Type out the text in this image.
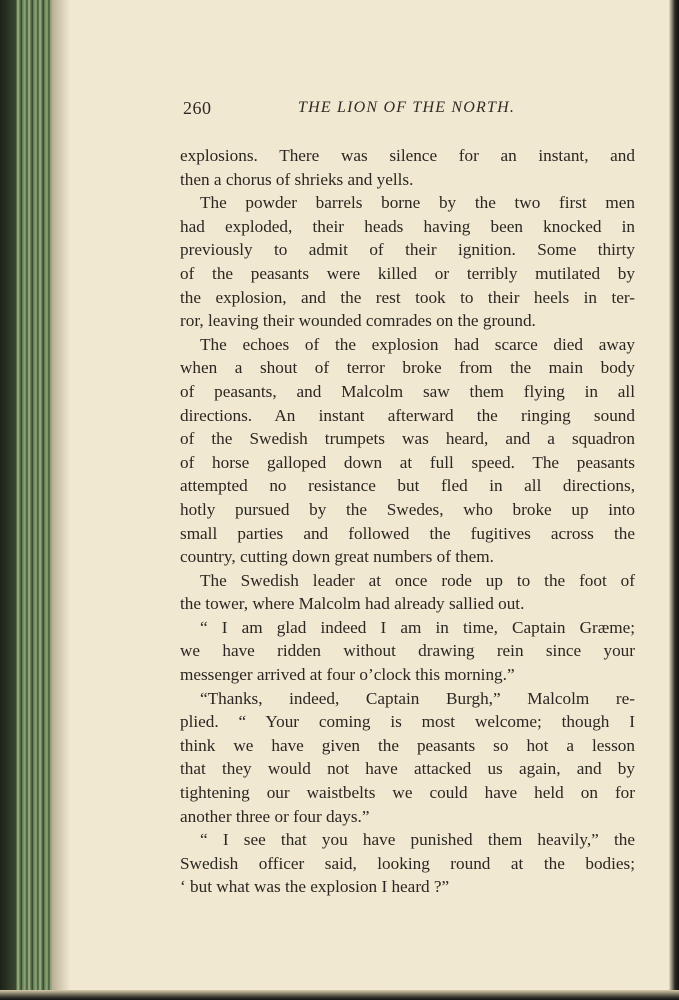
260	THE LION OF THE NORTH.
explosions. There was silence for an instant, and
then a chorus of shrieks and yells.
The powder barrels borne by the two first men
had exploded, their heads having been knocked in
previously to admit of their ignition. Some thirty
of the peasants were killed or terribly mutilated by
the explosion, and the rest took to their heels in ter-
ror, leaving their wounded comrades on the ground.
The echoes of the explosion had scarce died away
when a shout of terror broke from the main body
of peasants, and Malcolm saw them flying in all
directions. An instant afterward the ringing sound
of the Swedish trumpets was heard, and a squadron
of horse galloped down at full speed. The peasants
attempted no resistance but fled in all directions,
hotly pursued by the Swedes, who broke up into
small parties and followed the fugitives across the
country, cutting down great numbers of them.
The Swedish leader at once rode up to the foot of
the tower, where Malcolm had already sallied out.
“ I am glad indeed I am in time, Captain Græme;
we have ridden without drawing rein since your
messenger arrived at four o’clock this morning.”
“Thanks, indeed, Captain Burgh,” Malcolm re-
plied. “ Your coming is most welcome; though I
think we have given the peasants so hot a lesson
that they would not have attacked us again, and by
tightening our waistbelts we could have held on for
another three or four days.”
“ I see that you have punished them heavily,” the
Swedish officer said, looking round at the bodies;
‘ but what was the explosion I heard ?”
